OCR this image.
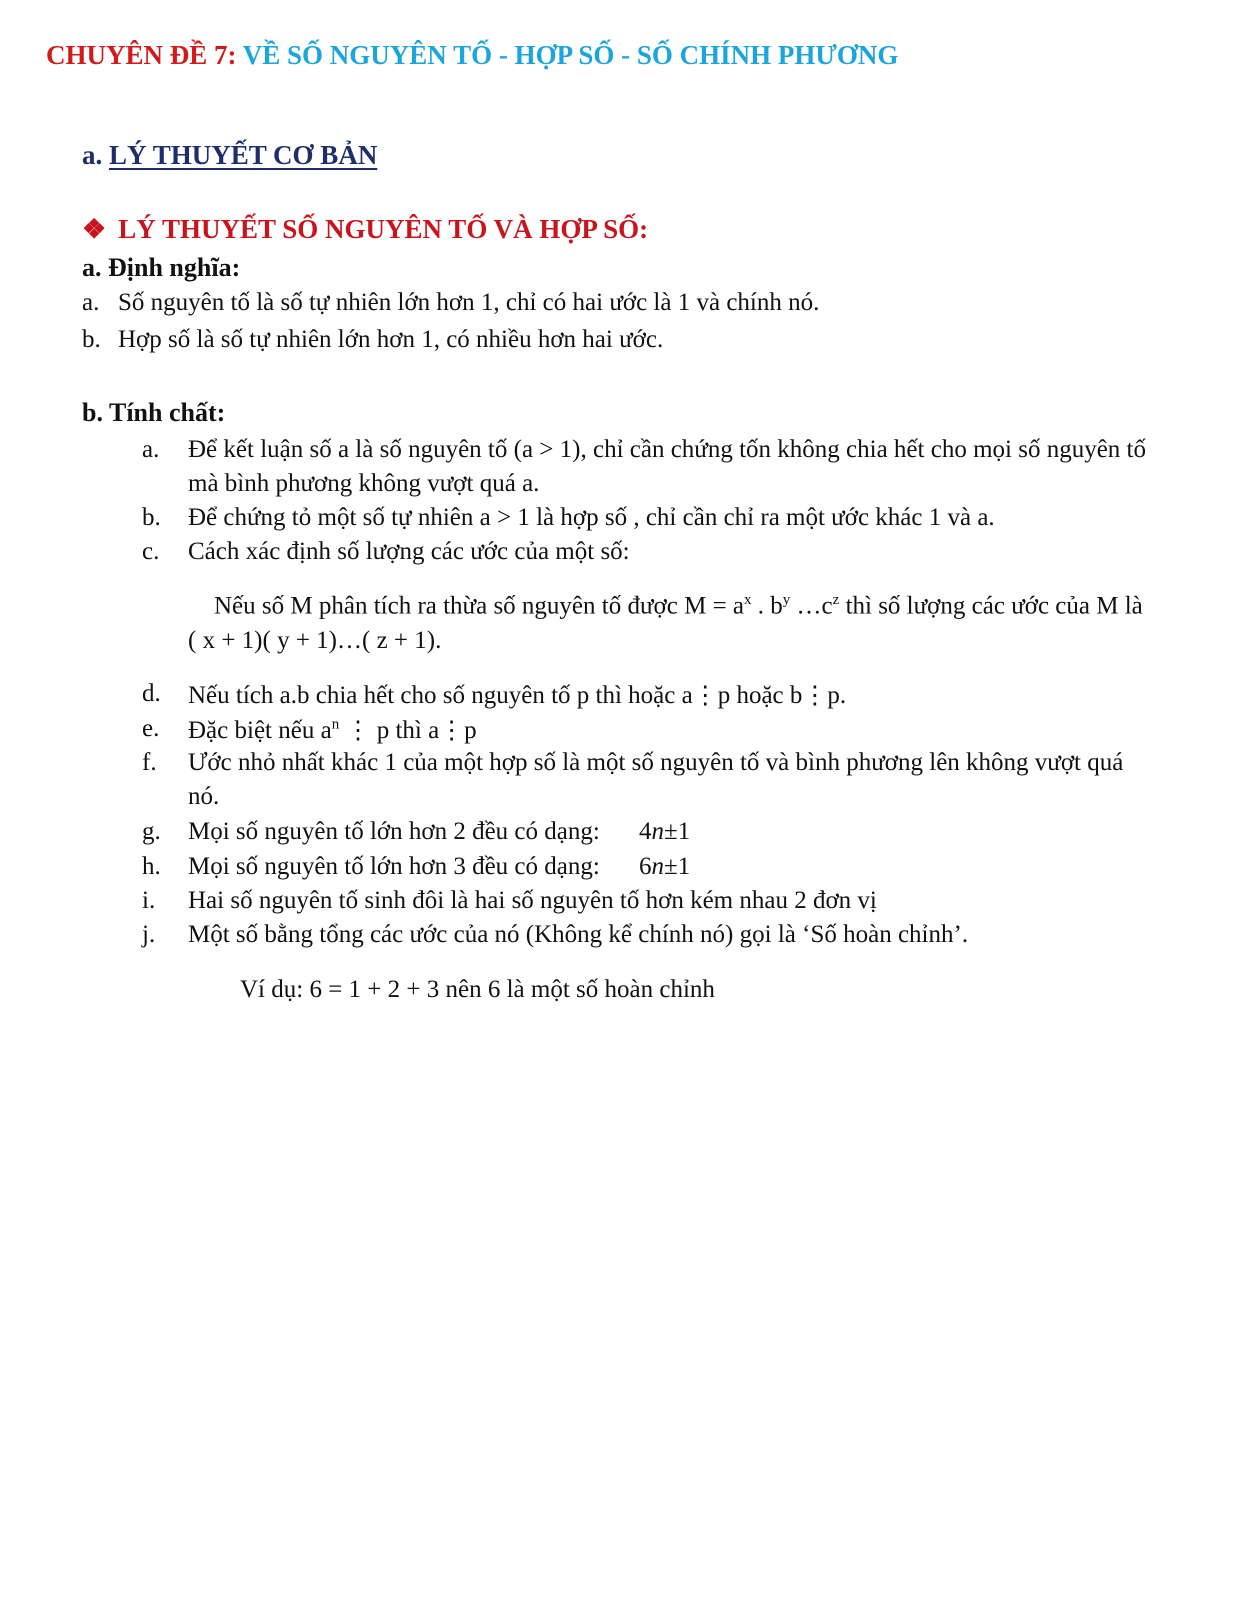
CHUYÊN ĐỀ 7: VỀ SỐ NGUYÊN TỐ - HỢP SỐ - SỐ CHÍNH PHƯƠNG
a. LÝ THUYẾT CƠ BẢN
❖ LÝ THUYẾT SỐ NGUYÊN TỐ VÀ HỢP SỐ:
a. Định nghĩa:
a. Số nguyên tố là số tự nhiên lớn hơn 1, chỉ có hai ước là 1 và chính nó.
b. Hợp số là số tự nhiên lớn hơn 1, có nhiều hơn hai ước.
b. Tính chất:
a. Để kết luận số a là số nguyên tố (a > 1), chỉ cần chứng tốn không chia hết cho mọi số nguyên tố
mà bình phương không vượt quá a.
b. Để chứng tỏ một số tự nhiên a > 1 là hợp số , chỉ cần chỉ ra một ước khác 1 và a.
c. Cách xác định số lượng các ước của một số:
Nếu số M phân tích ra thừa số nguyên tố được $M = a^x$ . $b^y$ $\dots c^z$ thì số lượng các ước của M là
( x + 1)( y + 1)…( z + 1).
d. Nếu tích a.b chia hết cho số nguyên tố p thì hoặc a⋮p hoặc b⋮p.
e. Đặc biệt nếu $a^n$ ⋮ p thì a⋮p
f. Ước nhỏ nhất khác 1 của một hợp số là một số nguyên tố và bình phương lên không vượt quá
nó.
g. Mọi số nguyên tố lớn hơn 2 đều có dạng: 4n±1
h. Mọi số nguyên tố lớn hơn 3 đều có dạng: 6n±1
i. Hai số nguyên tố sinh đôi là hai số nguyên tố hơn kém nhau 2 đơn vị
j. Một số bằng tổng các ước của nó (Không kể chính nó) gọi là ‘Số hoàn chỉnh’.
Ví dụ: 6 = 1 + 2 + 3 nên 6 là một số hoàn chỉnh
